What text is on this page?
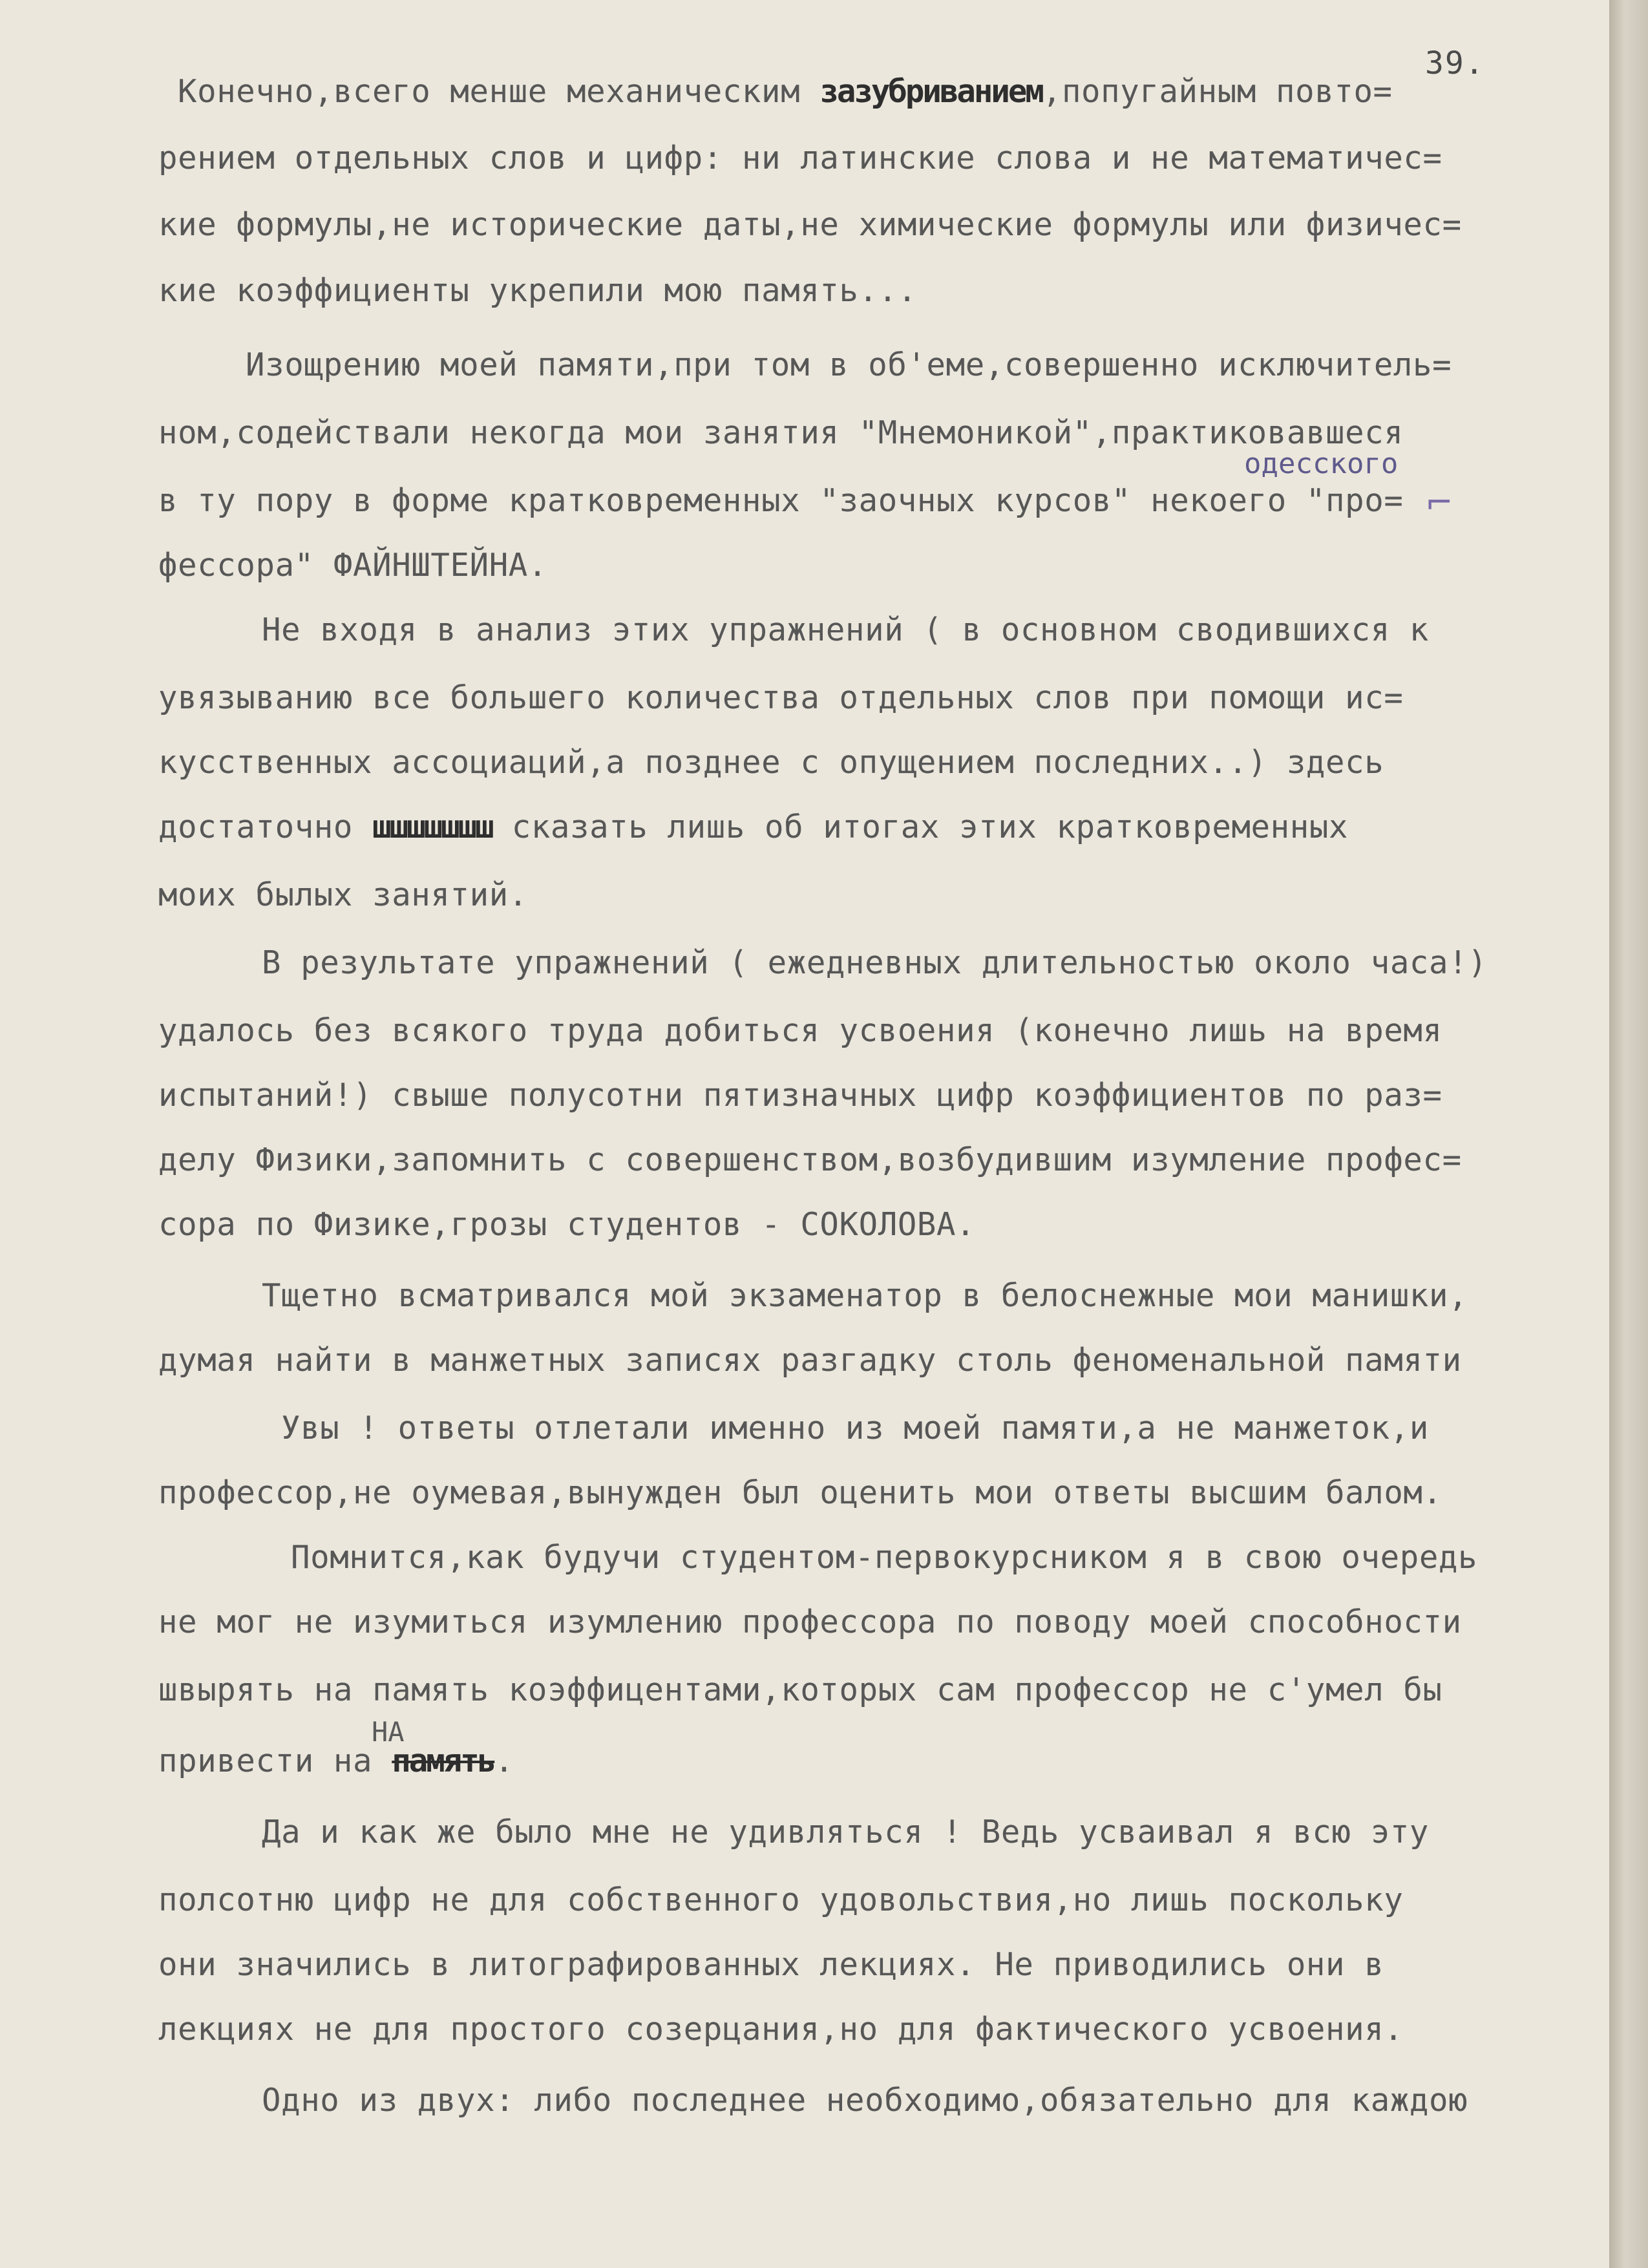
39.
Конечно,всего менше механическим зазубриванием,попугайным повто=
рением отдельных слов и цифр: ни латинские слова и не математичес=
кие формулы,не исторические даты,не химические формулы или физичес=
кие коэффициенты укрепили мою память...
Изощрению моей памяти,при том в об'еме,совершенно исключитель=
ном,содействали некогда мои занятия "Мнемоникой",практиковавшеся
в ту пору в форме кратковременных "заочных курсов" некоего "про=
фессора" ФАЙНШТЕЙНА.
Не входя в анализ этих упражнений ( в основном сводившихся к
увязыванию все большего количества отдельных слов при помощи ис=
кусственных ассоциаций,а позднее с опущением последних..) здесь
достаточно шшшшшшш сказать лишь об итогах этих кратковременных
моих былых занятий.
В результате упражнений ( ежедневных длительностью около часа!)
удалось без всякого труда добиться усвоения (конечно лишь на время
испытаний!) свыше полусотни пятизначных цифр коэффициентов по раз=
делу Физики,запомнить с совершенством,возбудившим изумление профес=
сора по Физике,грозы студентов - СОКОЛОВА.
Тщетно всматривался мой экзаменатор в белоснежные мои манишки,
думая найти в манжетных записях разгадку столь феноменальной памяти
Увы ! ответы отлетали именно из моей памяти,а не манжеток,и
профессор,не оумевая,вынужден был оценить мои ответы высшим балом.
Помнится,как будучи студентом-первокурсником я в свою очередь
не мог не изумиться изумлению профессора по поводу моей способности
швырять на память коэффицентами,которых сам профессор не с'умел бы
привести на память.
Да и как же было мне не удивляться ! Ведь усваивал я всю эту
полсотню цифр не для собственного удовольствия,но лишь поскольку
они значились в литографированных лекциях. Не приводились они в
лекциях не для простого созерцания,но для фактического усвоения.
Одно из двух: либо последнее необходимо,обязательно для каждою
одесского
⌐
НА
